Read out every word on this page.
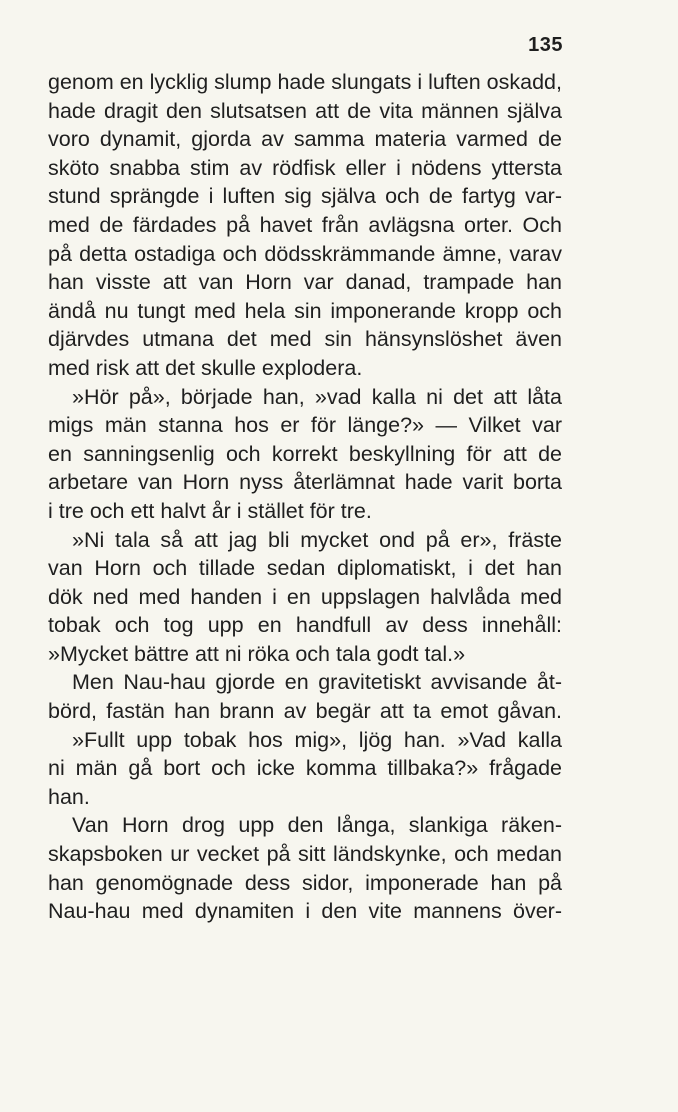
135
genom en lycklig slump hade slungats i luften oskadd,
hade dragit den slutsatsen att de vita männen själva
voro dynamit, gjorda av samma materia varmed de
sköto snabba stim av rödfisk eller i nödens yttersta
stund sprängde i luften sig själva och de fartyg var-
med de färdades på havet från avlägsna orter. Och
på detta ostadiga och dödsskrämmande ämne, varav
han visste att van Horn var danad, trampade han
ändå nu tungt med hela sin imponerande kropp och
djärvdes utmana det med sin hänsynslöshet även
med risk att det skulle explodera.
»Hör på», började han, »vad kalla ni det att låta
migs män stanna hos er för länge?» — Vilket var
en sanningsenlig och korrekt beskyllning för att de
arbetare van Horn nyss återlämnat hade varit borta
i tre och ett halvt år i stället för tre.
»Ni tala så att jag bli mycket ond på er», fräste
van Horn och tillade sedan diplomatiskt, i det han
dök ned med handen i en uppslagen halvlåda med
tobak och tog upp en handfull av dess innehåll:
»Mycket bättre att ni röka och tala godt tal.»
Men Nau-hau gjorde en gravitetiskt avvisande åt-
börd, fastän han brann av begär att ta emot gåvan.
»Fullt upp tobak hos mig», ljög han. »Vad kalla
ni män gå bort och icke komma tillbaka?» frågade
han.
Van Horn drog upp den långa, slankiga räken-
skapsboken ur vecket på sitt ländskynke, och medan
han genomögnade dess sidor, imponerade han på
Nau-hau med dynamiten i den vite mannens över-
